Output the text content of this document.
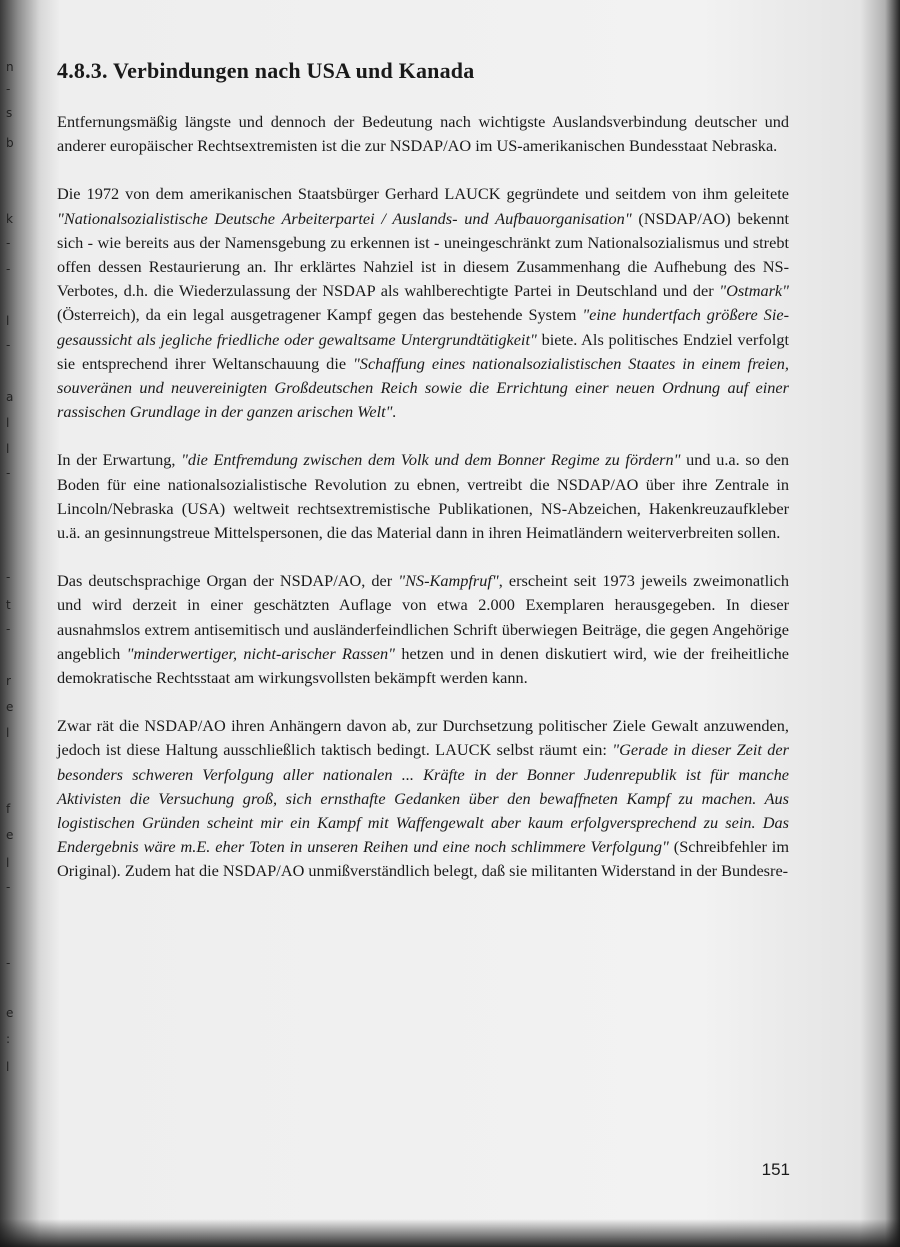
n
-
s
b
k
-
-
l
-
a
l
l
-
-
t
-
r
e
l
f
e
l
-
-
e
:
l
4.8.3. Verbindungen nach USA und Kanada

Entfernungsmäßig längste und dennoch der Bedeutung nach wichtigste Auslandsverbindung deutscher und anderer europäischer Rechtsextremisten ist die zur NSDAP/AO im US-amerikanischen Bundesstaat Nebraska.

Die 1972 von dem amerikanischen Staatsbürger Gerhard LAUCK gegründete und seitdem von ihm geleitete "Nationalsozialistische Deutsche Arbeiterpartei / Auslands- und Aufbauorganisation" (NSDAP/AO) bekennt sich - wie bereits aus der Namensgebung zu erkennen ist - uneingeschränkt zum Nationalsozialismus und strebt offen dessen Restaurierung an. Ihr erklärtes Nahziel ist in diesem Zusammenhang die Aufhebung des NS-Verbotes, d.h. die Wiederzulassung der NSDAP als wahlberechtigte Partei in Deutschland und der "Ostmark" (Österreich), da ein legal ausgetragener Kampf gegen das bestehende System "eine hundertfach größere Sie-gesaussicht als jegliche friedliche oder gewaltsame Untergrundtätigkeit" biete. Als politisches Endziel verfolgt sie entsprechend ihrer Weltanschauung die "Schaffung eines nationalsozialistischen Staates in einem freien, souveränen und neuvereinigten Großdeutschen Reich sowie die Errichtung einer neuen Ordnung auf einer rassischen Grundlage in der ganzen arischen Welt".

In der Erwartung, "die Entfremdung zwischen dem Volk und dem Bonner Regime zu fördern" und u.a. so den Boden für eine nationalsozialistische Revolution zu ebnen, vertreibt die NSDAP/AO über ihre Zentrale in Lincoln/Nebraska (USA) weltweit rechtsextremistische Publikationen, NS-Abzeichen, Hakenkreuzaufkleber u.ä. an gesinnungstreue Mittelspersonen, die das Material dann in ihren Heimatländern weiterverbreiten sollen.

Das deutschsprachige Organ der NSDAP/AO, der "NS-Kampfruf", erscheint seit 1973 jeweils zweimonatlich und wird derzeit in einer geschätzten Auflage von etwa 2.000 Exemplaren herausgegeben. In dieser ausnahmslos extrem antisemitisch und ausländerfeindlichen Schrift überwiegen Beiträge, die gegen Angehörige angeblich "minderwertiger, nicht-arischer Rassen" hetzen und in denen diskutiert wird, wie der freiheitliche demokratische Rechtsstaat am wirkungsvollsten bekämpft werden kann.

Zwar rät die NSDAP/AO ihren Anhängern davon ab, zur Durchsetzung politischer Ziele Gewalt anzuwenden, jedoch ist diese Haltung ausschließlich taktisch bedingt. LAUCK selbst räumt ein: "Gerade in dieser Zeit der besonders schweren Verfolgung aller nationalen ... Kräfte in der Bonner Judenrepublik ist für manche Aktivisten die Versuchung groß, sich ernsthafte Gedanken über den bewaffneten Kampf zu machen. Aus logistischen Gründen scheint mir ein Kampf mit Waffengewalt aber kaum erfolgversprechend zu sein. Das Endergebnis wäre m.E. eher Toten in unseren Reihen und eine noch schlimmere Verfolgung" (Schreibfehler im Original). Zudem hat die NSDAP/AO unmißverständlich belegt, daß sie militanten Widerstand in der Bundesre-

151
